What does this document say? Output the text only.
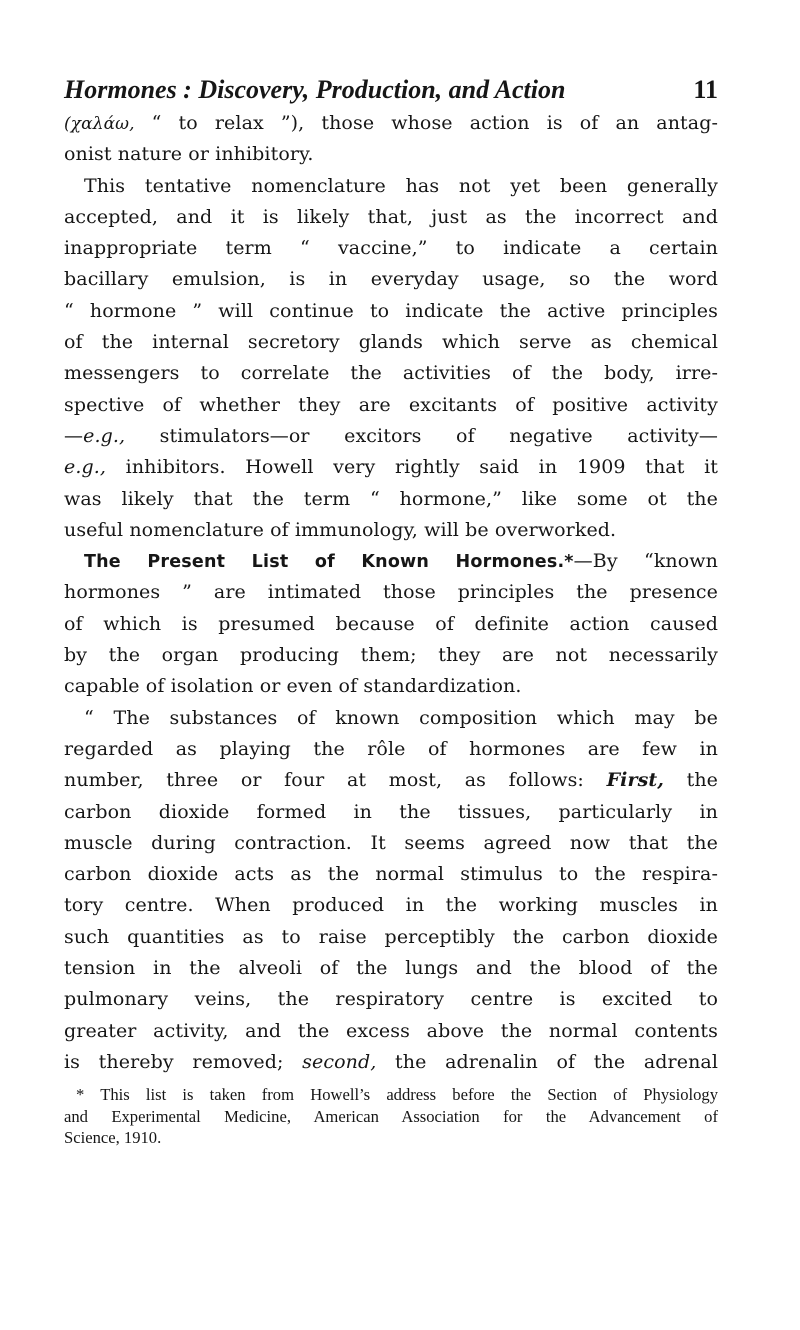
Hormones : Discovery, Production, and Action	11
(χαλάω, “ to relax ”), those whose action is of an antag-
onist nature or inhibitory.
This tentative nomenclature has not yet been generally
accepted, and it is likely that, just as the incorrect and
inappropriate term “ vaccine,” to indicate a certain
bacillary emulsion, is in everyday usage, so the word
“ hormone ” will continue to indicate the active principles
of the internal secretory glands which serve as chemical
messengers to correlate the activities of the body, irre-
spective of whether they are excitants of positive activity
—e.g., stimulators—or excitors of negative activity—
e.g., inhibitors. Howell very rightly said in 1909 that it
was likely that the term “ hormone,” like some ot the
useful nomenclature of immunology, will be overworked.
The Present List of Known Hormones.*—By “known
hormones ” are intimated those principles the presence
of which is presumed because of definite action caused
by the organ producing them; they are not necessarily
capable of isolation or even of standardization.
“ The substances of known composition which may be
regarded as playing the rôle of hormones are few in
number, three or four at most, as follows: First, the
carbon dioxide formed in the tissues, particularly in
muscle during contraction. It seems agreed now that the
carbon dioxide acts as the normal stimulus to the respira-
tory centre. When produced in the working muscles in
such quantities as to raise perceptibly the carbon dioxide
tension in the alveoli of the lungs and the blood of the
pulmonary veins, the respiratory centre is excited to
greater activity, and the excess above the normal contents
is thereby removed; second, the adrenalin of the adrenal
* This list is taken from Howell’s address before the Section of Physiology
and Experimental Medicine, American Association for the Advancement of
Science, 1910.
